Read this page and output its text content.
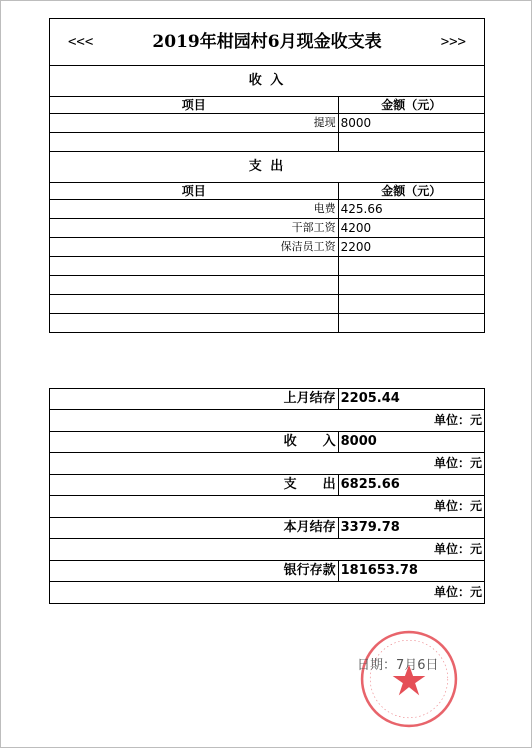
<<< 2019年柑园村6月现金收支表 >>>	

收 入	
项目	金额（元）
提现	8000

支 出	
项目	金额（元）
电费	425.66
干部工资	4200
保洁员工资	2200

上月结存	2205.44
单位：元	
收　　入	8000
单位：元	
支　　出	6825.66
单位：元	
本月结存	3379.78
单位：元	
银行存款	181653.78
单位：元	
日期：7月6日
